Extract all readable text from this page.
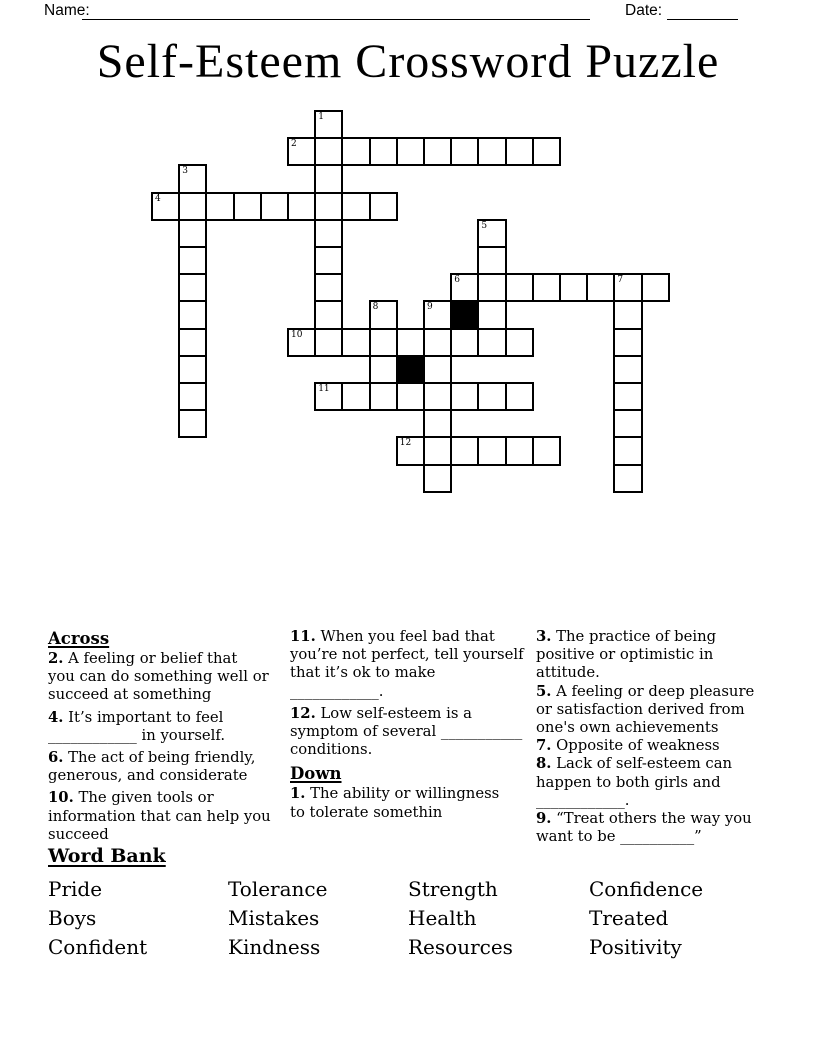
Name:	Date:
Self-Esteem Crossword Puzzle
1
2
3
4
5
6	7
8	9
10
11
12
Across
2. A feeling or belief that
you can do something well or
succeed at something
4. It’s important to feel
____________ in yourself.
6. The act of being friendly,
generous, and considerate
10. The given tools or
information that can help you
succeed
11. When you feel bad that
you’re not perfect, tell yourself
that it’s ok to make
____________.
12. Low self-esteem is a
symptom of several ___________
conditions.
Down
1. The ability or willingness
to tolerate somethin
3. The practice of being
positive or optimistic in
attitude.
5. A feeling or deep pleasure
or satisfaction derived from
one's own achievements
7. Opposite of weakness
8. Lack of self-esteem can
happen to both girls and
____________.
9. “Treat others the way you
want to be __________”
Word Bank
Pride	Tolerance	Strength	Confidence
Boys	Mistakes	Health	Treated
Confident	Kindness	Resources	Positivity
